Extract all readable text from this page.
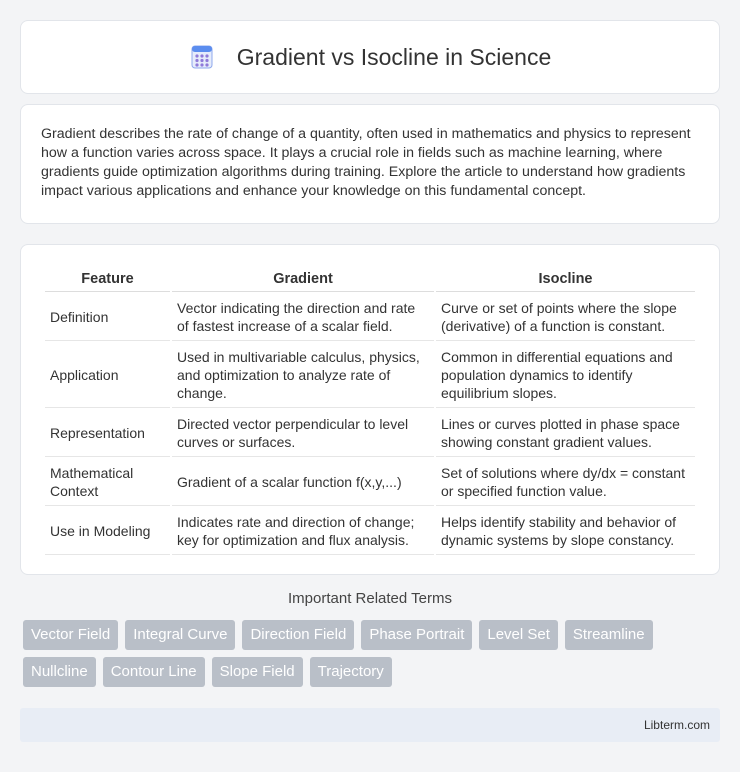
Gradient vs Isocline in Science

Gradient describes the rate of change of a quantity, often used in mathematics and physics to represent how a function varies across space. It plays a crucial role in fields such as machine learning, where gradients guide optimization algorithms during training. Explore the article to understand how gradients impact various applications and enhance your knowledge on this fundamental concept.

Feature	Gradient	Isocline
Definition	Vector indicating the direction and rate of fastest increase of a scalar field.	Curve or set of points where the slope (derivative) of a function is constant.
Application	Used in multivariable calculus, physics, and optimization to analyze rate of change.	Common in differential equations and population dynamics to identify equilibrium slopes.
Representation	Directed vector perpendicular to level curves or surfaces.	Lines or curves plotted in phase space showing constant gradient values.
Mathematical Context	Gradient of a scalar function f(x,y,...)	Set of solutions where dy/dx = constant or specified function value.
Use in Modeling	Indicates rate and direction of change; key for optimization and flux analysis.	Helps identify stability and behavior of dynamic systems by slope constancy.
Important Related Terms
Vector Field	Integral Curve	Direction Field	Phase Portrait	Level Set	Streamline
Nullcline	Contour Line	Slope Field	Trajectory
Libterm.com
